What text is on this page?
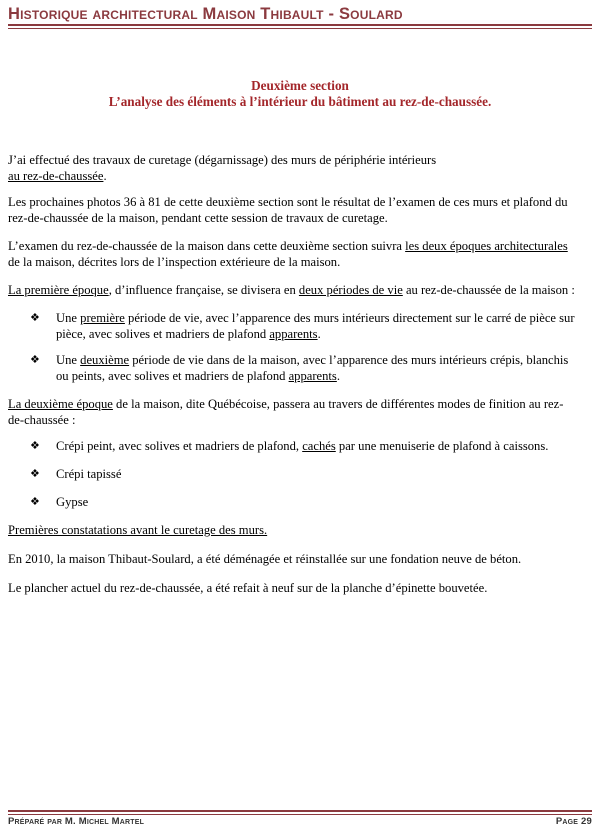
Historique architectural Maison Thibault - Soulard
Deuxième section
L’analyse des éléments à l’intérieur du bâtiment au rez-de-chaussée.

J’ai effectué des travaux de curetage (dégarnissage) des murs de périphérie intérieurs
au rez-de-chaussée.

Les prochaines photos 36 à 81 de cette deuxième section sont le résultat de l’examen de ces murs et plafond du
rez-de-chaussée de la maison, pendant cette session de travaux de curetage.

L’examen du rez-de-chaussée de la maison dans cette deuxième section suivra les deux époques architecturales
de la maison, décrites lors de l’inspection extérieure de la maison.

La première époque, d’influence française, se divisera en deux périodes de vie au rez-de-chaussée de la maison :

❖	Une première période de vie, avec l’apparence des murs intérieurs directement sur le carré de pièce sur
pièce, avec solives et madriers de plafond apparents.
❖	Une deuxième période de vie dans de la maison, avec l’apparence des murs intérieurs crépis, blanchis
ou peints, avec solives et madriers de plafond apparents.

La deuxième époque de la maison, dite Québécoise, passera au travers de différentes modes de finition au rez-
de-chaussée :

❖	Crépi peint, avec solives et madriers de plafond, cachés par une menuiserie de plafond à caissons.
❖	Crépi tapissé
❖	Gypse

Premières constatations avant le curetage des murs.

En 2010, la maison Thibaut-Soulard, a été déménagée et réinstallée sur une fondation neuve de béton.

Le plancher actuel du rez-de-chaussée, a été refait à neuf sur de la planche d’épinette bouvetée.

Préparé par M. Michel Martel	Page 29
